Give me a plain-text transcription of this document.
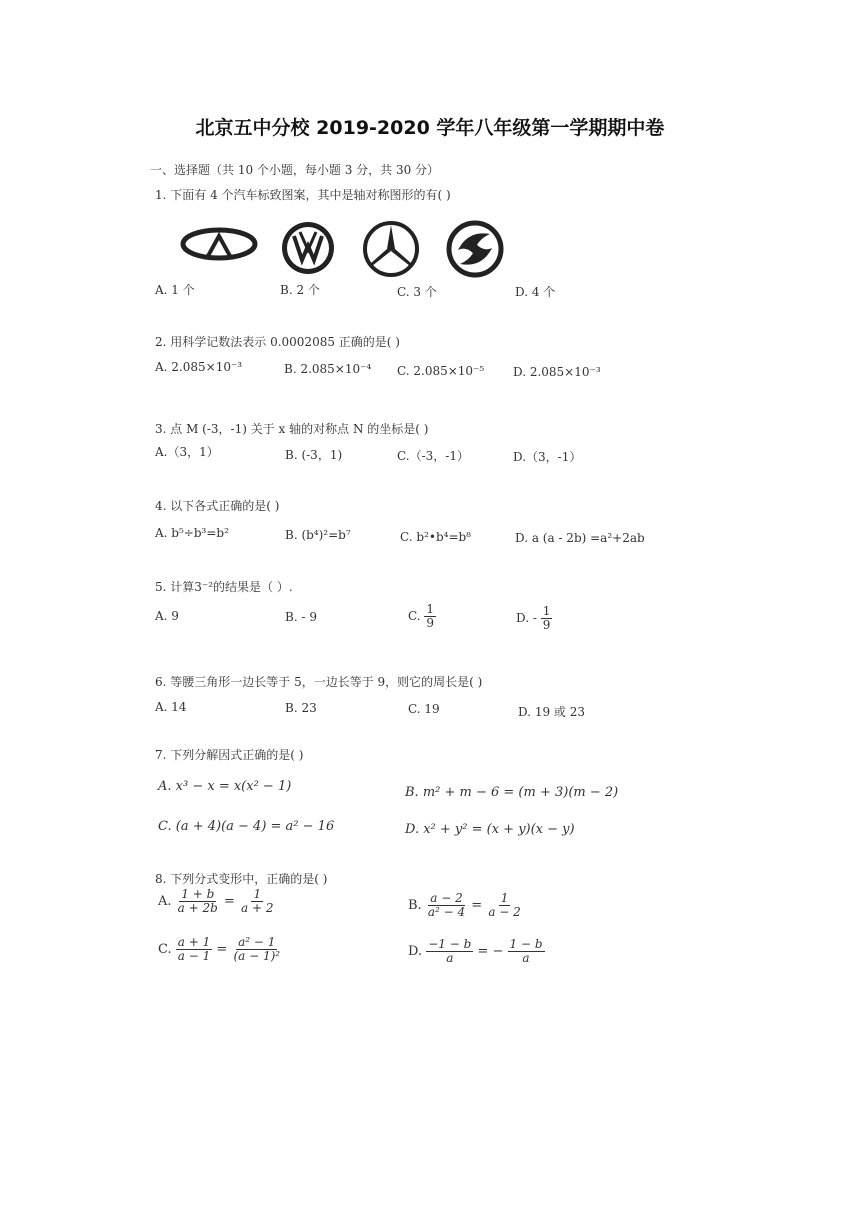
北京五中分校 2019-2020 学年八年级第一学期期中卷
一、选择题（共 10 个小题，每小题 3 分，共 30 分）
1. 下面有 4 个汽车标致图案，其中是轴对称图形的有( )
A. 1 个	B. 2 个	C. 3 个	D. 4 个
2. 用科学记数法表示 0.0002085 正确的是( )
A. 2.085×10⁻³	B. 2.085×10⁻⁴ C. 2.085×10⁻⁵ D. 2.085×10⁻³
3. 点 M (-3，-1) 关于 x 轴的对称点 N 的坐标是( )
A.（3，1）	B. (-3，1)	C.（-3，-1）	D.（3，-1）
4. 以下各式正确的是( )
A. b⁵÷b³=b²	B. (b⁴)²=b⁷	C. b²•b⁴=b⁸	D. a (a - 2b) =a²+2ab
5. 计算3⁻²的结果是（ ）.
A. 9	B. - 9	C. $\frac{1}{9}$	D. - $\frac{1}{9}$
6. 等腰三角形一边长等于 5，一边长等于 9，则它的周长是( )
A. 14	B. 23	C. 19	D. 19 或 23
7. 下列分解因式正确的是( )
A. x³ − x = x(x² − 1)	B. m² + m − 6 = (m + 3)(m − 2)
C. (a + 4)(a − 4) = a² − 16	D. x² + y² = (x + y)(x − y)
8. 下列分式变形中，正确的是( )
A. $\frac{1 + b}{a + 2b} = \frac{1}{a + 2}$	B. $\frac{a - 2}{\text{a² − 4}} = \frac{1}{a - 2}$
C. $\frac{a + 1}{a - 1} = \frac{\text{a² − 1}}{\text{(a − 1)²}}$	D. $\frac{-1 - b}{a}$ = − $\frac{1 - b}{a}$
